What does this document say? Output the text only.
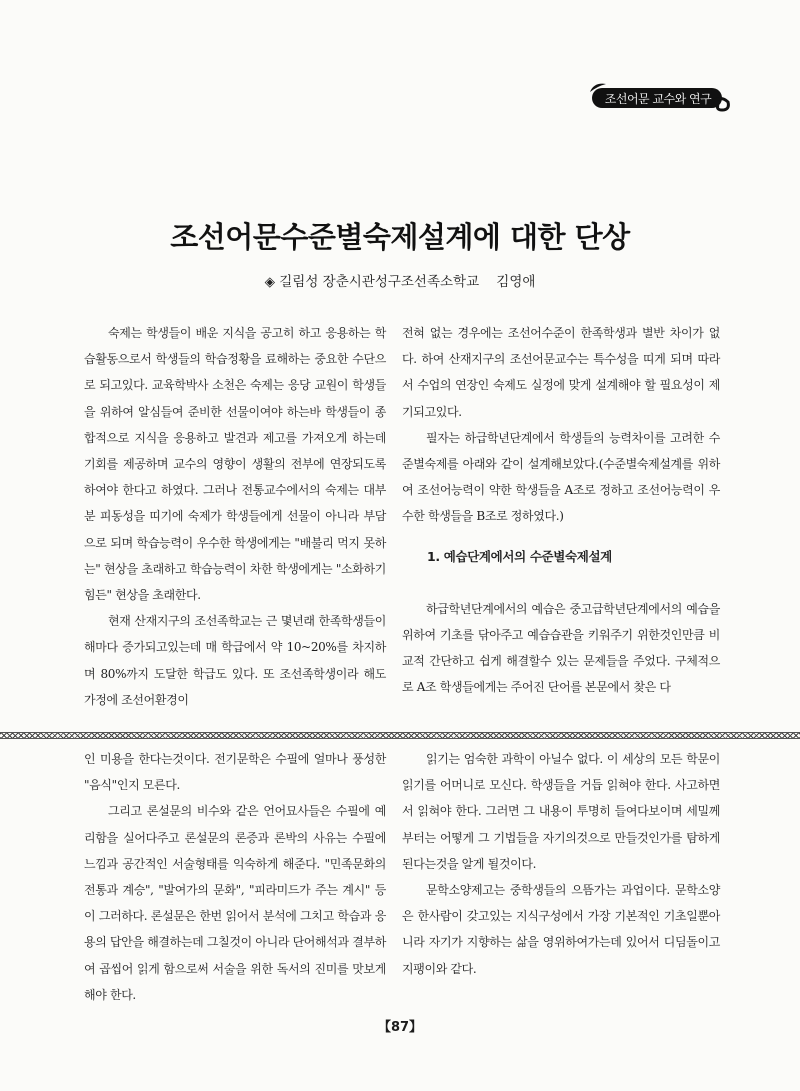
조선어문 교수와 연구
조선어문수준별숙제설계에 대한 단상
◈ 길림성 장춘시관성구조선족소학교    김영애

숙제는 학생들이 배운 지식을 공고히 하고 응용하는 학습활동으로서 학생들의 학습정황을 료해하는 중요한 수단으로 되고있다. 교육학박사 소천은 숙제는 응당 교원이 학생들을 위하여 알심들여 준비한 선물이여야 하는바 학생들이 종합적으로 지식을 응용하고 발견과 제고를 가져오게 하는데 기회를 제공하며 교수의 영향이 생활의 전부에 연장되도록 하여야 한다고 하였다. 그러나 전통교수에서의 숙제는 대부분 피동성을 띠기에 숙제가 학생들에게 선물이 아니라 부담으로 되며 학습능력이 우수한 학생에게는 "배불리 먹지 못하는" 현상을 초래하고 학습능력이 차한 학생에게는 "소화하기 힘든" 현상을 초래한다.

현재 산재지구의 조선족학교는 근 몇년래 한족학생들이 해마다 증가되고있는데 매 학급에서 약 10~20%를 차지하며 80%까지 도달한 학급도 있다. 또 조선족학생이라 해도 가정에 조선어환경이

전혀 없는 경우에는 조선어수준이 한족학생과 별반 차이가 없다. 하여 산재지구의 조선어문교수는 특수성을 띠게 되며 따라서 수업의 연장인 숙제도 실정에 맞게 설계해야 할 필요성이 제기되고있다.

필자는 하급학년단계에서 학생들의 능력차이를 고려한 수준별숙제를 아래와 같이 설계해보았다.(수준별숙제설계를 위하여 조선어능력이 약한 학생들을 A조로 정하고 조선어능력이 우수한 학생들을 B조로 정하였다.)

1. 예습단계에서의 수준별숙제설계

하급학년단계에서의 예습은 중고급학년단계에서의 예습을 위하여 기초를 닦아주고 예습습관을 키워주기 위한것인만큼 비교적 간단하고 쉽게 해결할수 있는 문제들을 주었다. 구체적으로 A조 학생들에게는 주어진 단어를 본문에서 찾은 다

인 미용을 한다는것이다. 전기문학은 수필에 얼마나 풍성한 "음식"인지 모른다.

그리고 론설문의 비수와 같은 언어묘사들은 수필에 예리함을 실어다주고 론설문의 론증과 론박의 사유는 수필에 느낌과 공간적인 서술형태를 익숙하게 해준다. "민족문화의 전통과 계승", "발여가의 문화", "피라미드가 주는 계시" 등이 그러하다. 론설문은 한번 읽어서 분석에 그치고 학습과 응용의 답안을 해결하는데 그칠것이 아니라 단어해석과 결부하여 곱씹어 읽게 함으로써 서술을 위한 독서의 진미를 맛보게 해야 한다.

읽기는 엄숙한 과학이 아닐수 없다. 이 세상의 모든 학문이 읽기를 어머니로 모신다. 학생들을 거듭 읽혀야 한다. 사고하면서 읽혀야 한다. 그러면 그 내용이 투명히 들여다보이며 세밀께부터는 어떻게 그 기법들을 자기의것으로 만들것인가를 탐하게 된다는것을 알게 될것이다.

문학소양제고는 중학생들의 으뜸가는 과업이다. 문학소양은 한사람이 갖고있는 지식구성에서 가장 기본적인 기초일뿐아니라 자기가 지향하는 삶을 영위하여가는데 있어서 디딤돌이고 지팽이와 같다.

【87】
